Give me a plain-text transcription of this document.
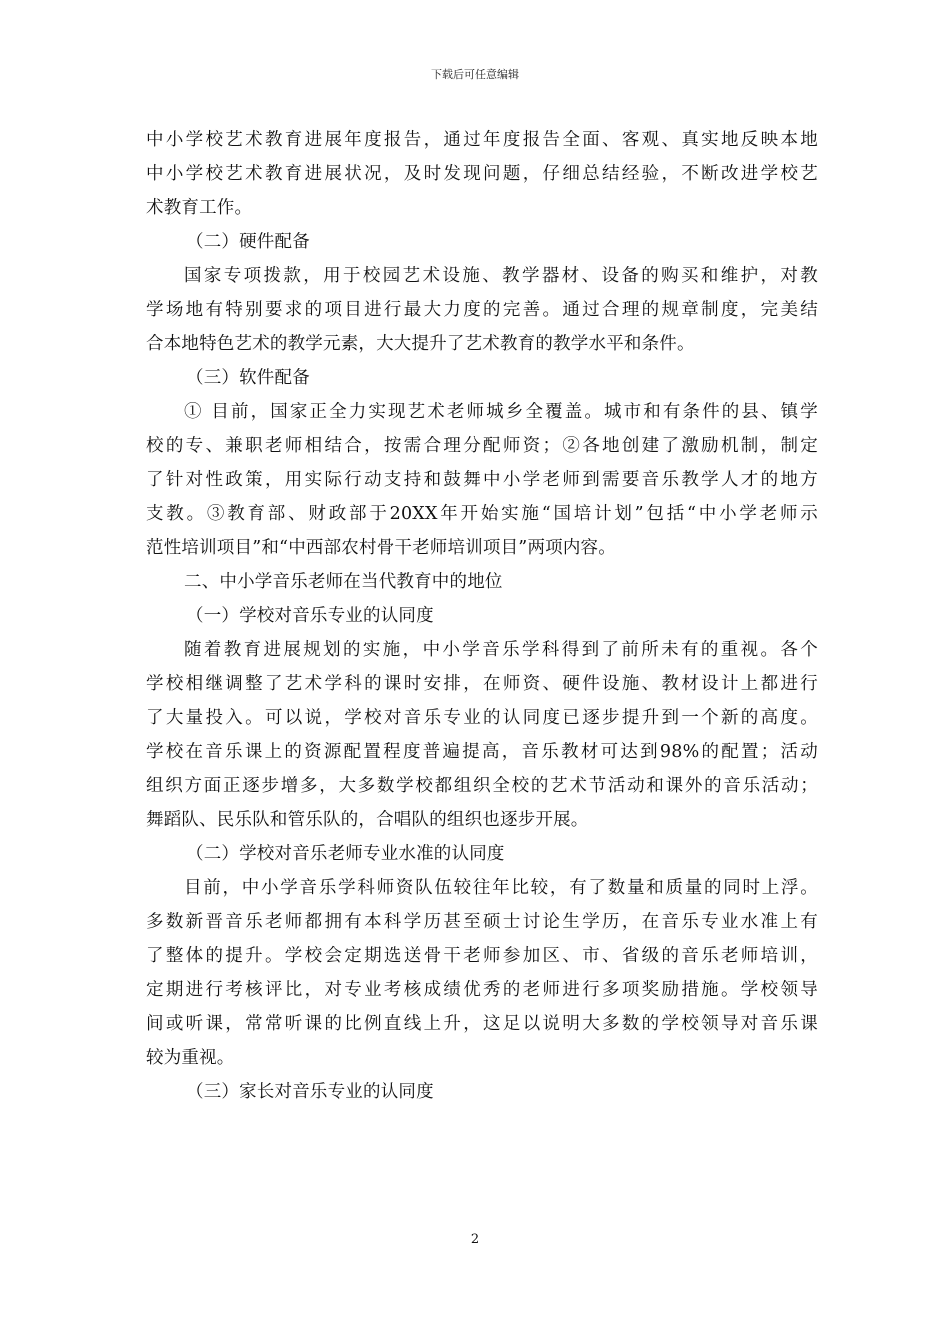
下载后可任意编辑
中小学校艺术教育进展年度报告，通过年度报告全面、客观、真实地反映本地
中小学校艺术教育进展状况，及时发现问题，仔细总结经验，不断改进学校艺
术教育工作。
（二）硬件配备
国家专项拨款，用于校园艺术设施、教学器材、设备的购买和维护，对教
学场地有特别要求的项目进行最大力度的完善。通过合理的规章制度，完美结
合本地特色艺术的教学元素，大大提升了艺术教育的教学水平和条件。
（三）软件配备
① 目前，国家正全力实现艺术老师城乡全覆盖。城市和有条件的县、镇学
校的专、兼职老师相结合，按需合理分配师资；②各地创建了激励机制，制定
了针对性政策，用实际行动支持和鼓舞中小学老师到需要音乐教学人才的地方
支教。③教育部、财政部于20XX年开始实施“国培计划”包括“中小学老师示
范性培训项目”和“中西部农村骨干老师培训项目”两项内容。
二、中小学音乐老师在当代教育中的地位
（一）学校对音乐专业的认同度
随着教育进展规划的实施，中小学音乐学科得到了前所未有的重视。各个
学校相继调整了艺术学科的课时安排，在师资、硬件设施、教材设计上都进行
了大量投入。可以说，学校对音乐专业的认同度已逐步提升到一个新的高度。
学校在音乐课上的资源配置程度普遍提高，音乐教材可达到98%的配置；活动
组织方面正逐步增多，大多数学校都组织全校的艺术节活动和课外的音乐活动；
舞蹈队、民乐队和管乐队的，合唱队的组织也逐步开展。
（二）学校对音乐老师专业水准的认同度
目前，中小学音乐学科师资队伍较往年比较，有了数量和质量的同时上浮。
多数新晋音乐老师都拥有本科学历甚至硕士讨论生学历，在音乐专业水准上有
了整体的提升。学校会定期选送骨干老师参加区、市、省级的音乐老师培训，
定期进行考核评比，对专业考核成绩优秀的老师进行多项奖励措施。学校领导
间或听课，常常听课的比例直线上升，这足以说明大多数的学校领导对音乐课
较为重视。
（三）家长对音乐专业的认同度
2
